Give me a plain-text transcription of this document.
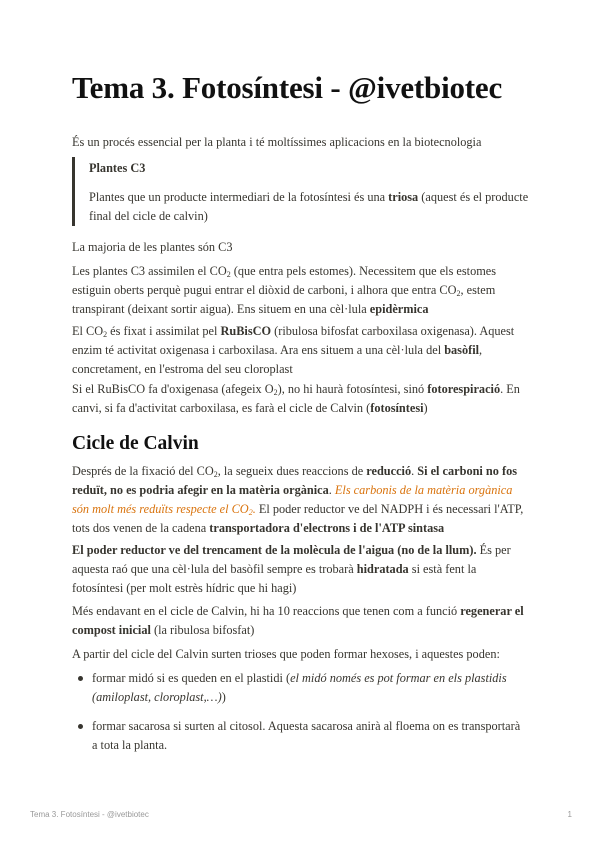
Tema 3. Fotosíntesi - @ivetbiotec

És un procés essencial per la planta i té moltíssimes aplicacions en la biotecnologia

Plantes C3

Plantes que un producte intermediari de la fotosíntesi és una triosa (aquest és el producte final del cicle de calvin)

La majoria de les plantes són C3

Les plantes C3 assimilen el $CO_2$ (que entra pels estomes). Necessitem que els estomes estiguin oberts perquè pugui entrar el diòxid de carboni, i alhora que entra $CO_2$, estem transpirant (deixant sortir aigua). Ens situem en una cèl·lula epidèrmica

El $CO_2$ és fixat i assimilat pel RuBisCO (ribulosa bifosfat carboxilasa oxigenasa). Aquest enzim té activitat oxigenasa i carboxilasa. Ara ens situem a una cèl·lula del basòfil, concretament, en l'estroma del seu cloroplast

Si el RuBisCO fa d'oxigenasa (afegeix $O_2$), no hi haurà fotosíntesi, sinó fotorespiració. En canvi, si fa d'activitat carboxilasa, es farà el cicle de Calvin (fotosíntesi)

Cicle de Calvin

Després de la fixació del $CO_2$, la segueix dues reaccions de reducció. Si el carboni no fos reduït, no es podria afegir en la matèria orgànica. Els carbonis de la matèria orgànica són molt més reduïts respecte el $CO_2$. El poder reductor ve del NADPH i és necessari l'ATP, tots dos venen de la cadena transportadora d'electrons i de l'ATP sintasa

El poder reductor ve del trencament de la molècula de l'aigua (no de la llum). És per aquesta raó que una cèl·lula del basòfil sempre es trobarà hidratada si està fent la fotosíntesi (per molt estrès hídric que hi hagi)

Més endavant en el cicle de Calvin, hi ha 10 reaccions que tenen com a funció regenerar el compost inicial (la ribulosa bifosfat)

A partir del cicle del Calvin surten trioses que poden formar hexoses, i aquestes poden:

formar midó si es queden en el plastidi (el midó només es pot formar en els plastidis (amiloplast, cloroplast,…))
formar sacarosa si surten al citosol. Aquesta sacarosa anirà al floema on es transportarà a tota la planta.
Tema 3. Fotosíntesi - @ivetbiotec	1
